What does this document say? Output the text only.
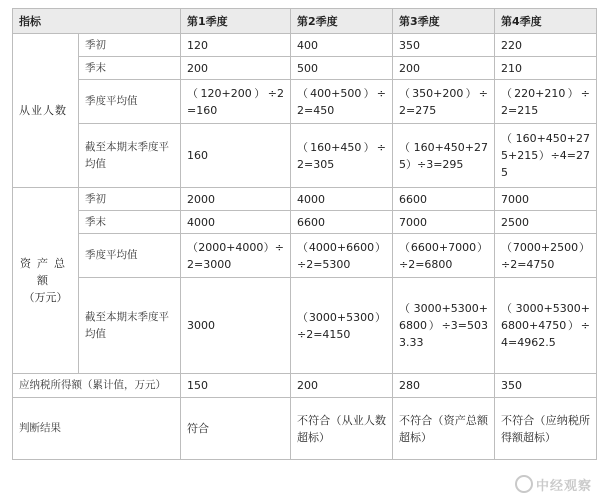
指标		第1季度	第2季度	第3季度	第4季度
从业人数	季初	120	400	350	220
	季末	200	500	200	210
	季度平均值	（120+200）÷2=160	（400+500）÷2=450	（350+200）÷2=275	（220+210）÷2=215
	截至本期末季度平均值	160	（160+450）÷2=305	（160+450+275）÷3=295	（160+450+275+215）÷4=275

资产总额
（万元）	季初	2000	4000	6600	7000
	季末	4000	6600	7000	2500
	季度平均值	（2000+4000）÷2=3000	（4000+6600）÷2=5300	（6600+7000）÷2=6800	（7000+2500）÷2=4750
	截至本期末季度平均值	3000	（3000+5300）÷2=4150	（3000+5300+6800）÷3=5033.33	（3000+5300+6800+4750）÷4=4962.5
应纳税所得额（累计值，万元）		150	200	280	350
判断结果		符合	不符合（从业人数超标）	不符合（资产总额超标）	不符合（应纳税所得额超标）
中经观察
